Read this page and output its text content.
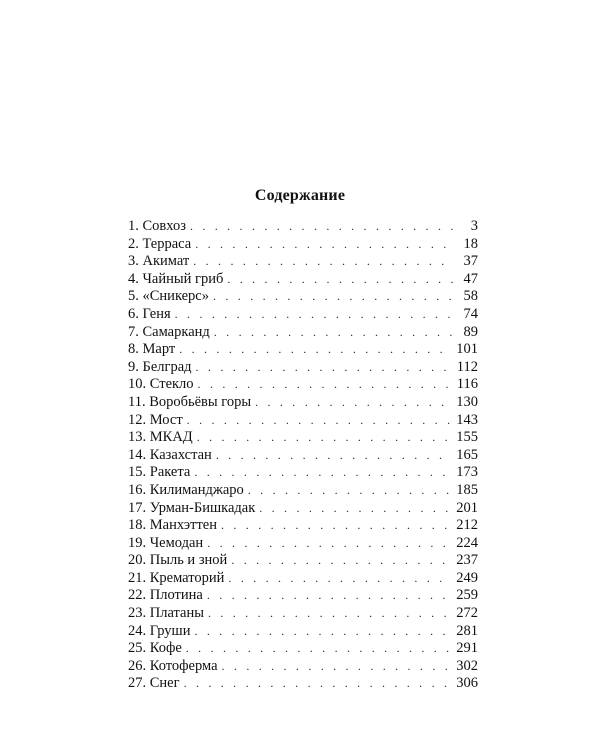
Содержание
1. Совхоз . . .	3
2. Терраса . . .	18
3. Акимат . . .	37
4. Чайный гриб . . .	47
5. «Сникерс» . . .	58
6. Геня . . .	74
7. Самарканд . . .	89
8. Март . . .	101
9. Белград . . .	112
10. Стекло . . .	116
11. Воробьёвы горы . . .	130
12. Мост . . .	143
13. МКАД . . .	155
14. Казахстан . . .	165
15. Ракета . . .	173
16. Килиманджаро . . .	185
17. Урман-Бишкадак . . .	201
18. Манхэттен . . .	212
19. Чемодан . . .	224
20. Пыль и зной . . .	237
21. Крематорий . . .	249
22. Плотина . . .	259
23. Платаны . . .	272
24. Груши . . .	281
25. Кофе . . .	291
26. Котоферма . . .	302
27. Снег . . .	306
